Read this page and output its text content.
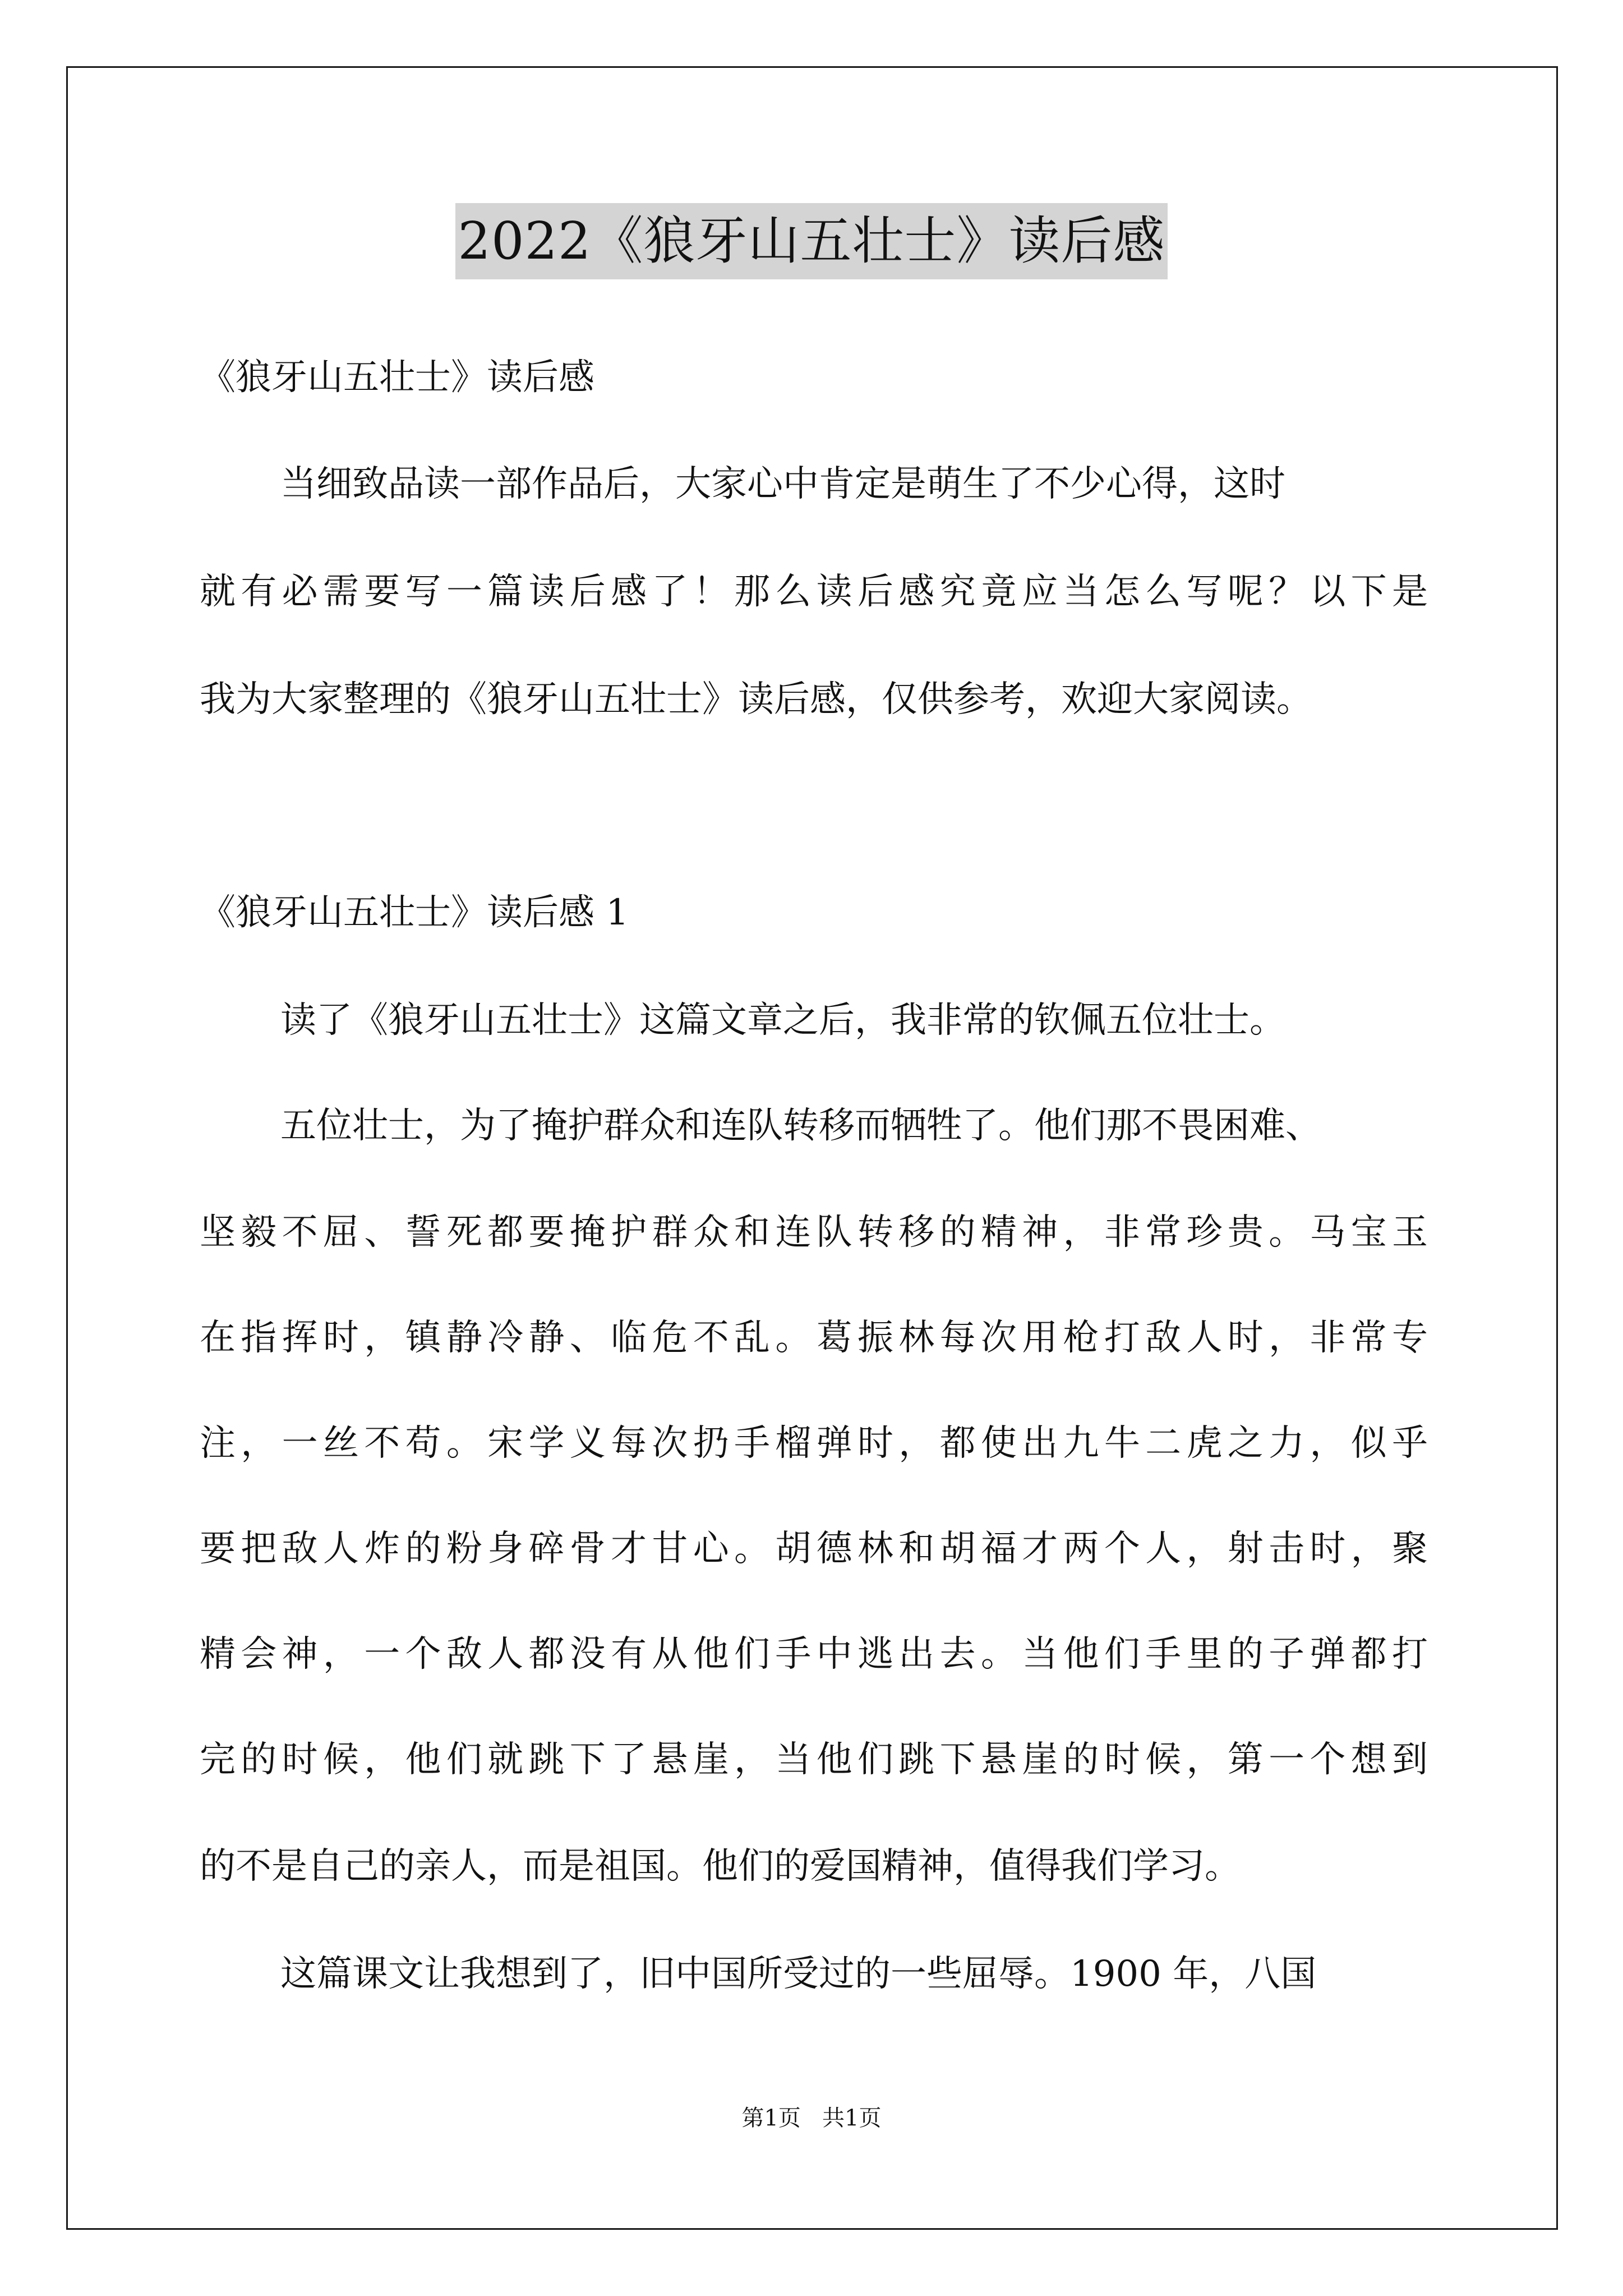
2022《狼牙山五壮士》读后感
《狼牙山五壮士》读后感
当细致品读一部作品后，大家心中肯定是萌生了不少心得，这时
就有必需要写一篇读后感了！那么读后感究竟应当怎么写呢？以下是
我为大家整理的《狼牙山五壮士》读后感，仅供参考，欢迎大家阅读。
《狼牙山五壮士》读后感 1
读了《狼牙山五壮士》这篇文章之后，我非常的钦佩五位壮士。
五位壮士，为了掩护群众和连队转移而牺牲了。他们那不畏困难、
坚毅不屈、誓死都要掩护群众和连队转移的精神，非常珍贵。马宝玉
在指挥时，镇静冷静、临危不乱。葛振林每次用枪打敌人时，非常专
注，一丝不苟。宋学义每次扔手榴弹时，都使出九牛二虎之力，似乎
要把敌人炸的粉身碎骨才甘心。胡德林和胡福才两个人，射击时，聚
精会神，一个敌人都没有从他们手中逃出去。当他们手里的子弹都打
完的时候，他们就跳下了悬崖，当他们跳下悬崖的时候，第一个想到
的不是自己的亲人，而是祖国。他们的爱国精神，值得我们学习。
这篇课文让我想到了，旧中国所受过的一些屈辱。1900 年，八国
第1页   共1页
